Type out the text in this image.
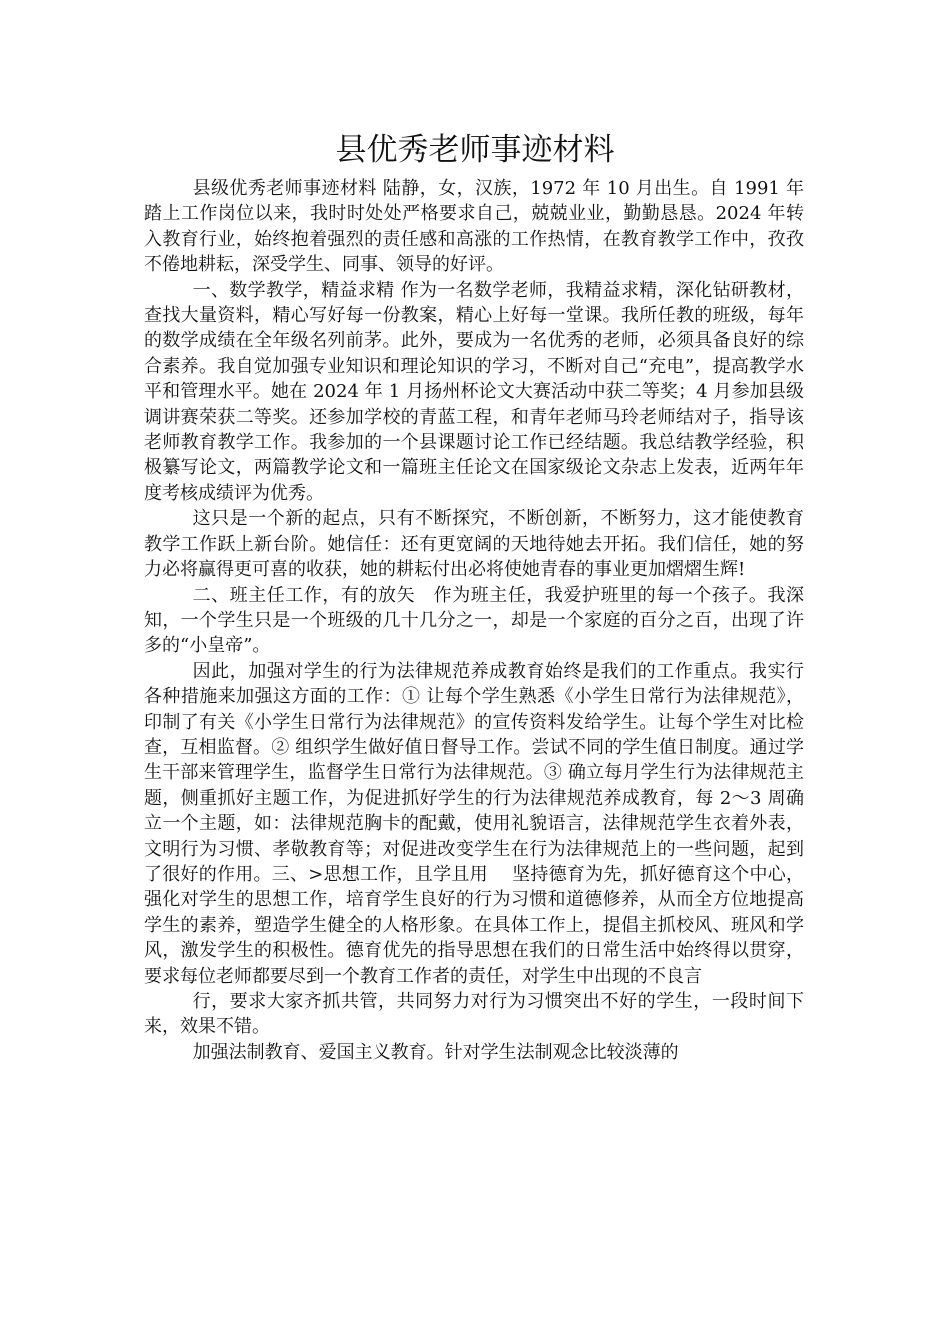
县优秀老师事迹材料

县级优秀老师事迹材料 陆静，女，汉族，1972 年 10 月出生。自 1991 年踏上工作岗位以来，我时时处处严格要求自己，兢兢业业，勤勤恳恳。2024 年转入教育行业，始终抱着强烈的责任感和高涨的工作热情，在教育教学工作中，孜孜不倦地耕耘，深受学生、同事、领导的好评。

一、数学教学，精益求精 作为一名数学老师，我精益求精，深化钻研教材，查找大量资料，精心写好每一份教案，精心上好每一堂课。我所任教的班级，每年的数学成绩在全年级名列前茅。此外，要成为一名优秀的老师，必须具备良好的综合素养。我自觉加强专业知识和理论知识的学习，不断对自己“充电”，提高教学水平和管理水平。她在 2024 年 1 月扬州杯论文大赛活动中获二等奖；4 月参加县级调讲赛荣获二等奖。还参加学校的青蓝工程，和青年老师马玲老师结对子，指导该老师教育教学工作。我参加的一个县课题讨论工作已经结题。我总结教学经验，积极纂写论文，两篇教学论文和一篇班主任论文在国家级论文杂志上发表，近两年年度考核成绩评为优秀。

这只是一个新的起点，只有不断探究，不断创新，不断努力，这才能使教育教学工作跃上新台阶。她信任：还有更宽阔的天地待她去开拓。我们信任，她的努力必将赢得更可喜的收获，她的耕耘付出必将使她青春的事业更加熠熠生辉!

二、班主任工作，有的放矢　作为班主任，我爱护班里的每一个孩子。我深知，一个学生只是一个班级的几十几分之一，却是一个家庭的百分之百，出现了许多的“小皇帝”。

因此，加强对学生的行为法律规范养成教育始终是我们的工作重点。我实行各种措施来加强这方面的工作：① 让每个学生熟悉《小学生日常行为法律规范》，印制了有关《小学生日常行为法律规范》的宣传资料发给学生。让每个学生对比检查，互相监督。② 组织学生做好值日督导工作。尝试不同的学生值日制度。通过学生干部来管理学生，监督学生日常行为法律规范。③ 确立每月学生行为法律规范主题，侧重抓好主题工作，为促进抓好学生的行为法律规范养成教育，每 2～3 周确立一个主题，如：法律规范胸卡的配戴，使用礼貌语言，法律规范学生衣着外表，文明行为习惯、孝敬教育等；对促进改变学生在行为法律规范上的一些问题，起到了很好的作用。三、>思想工作，且学且用　 坚持德育为先，抓好德育这个中心，强化对学生的思想工作，培育学生良好的行为习惯和道德修养，从而全方位地提高学生的素养，塑造学生健全的人格形象。在具体工作上，提倡主抓校风、班风和学风，激发学生的积极性。德育优先的指导思想在我们的日常生活中始终得以贯穿，要求每位老师都要尽到一个教育工作者的责任，对学生中出现的不良言

行，要求大家齐抓共管，共同努力对行为习惯突出不好的学生，一段时间下来，效果不错。

加强法制教育、爱国主义教育。针对学生法制观念比较淡薄的
